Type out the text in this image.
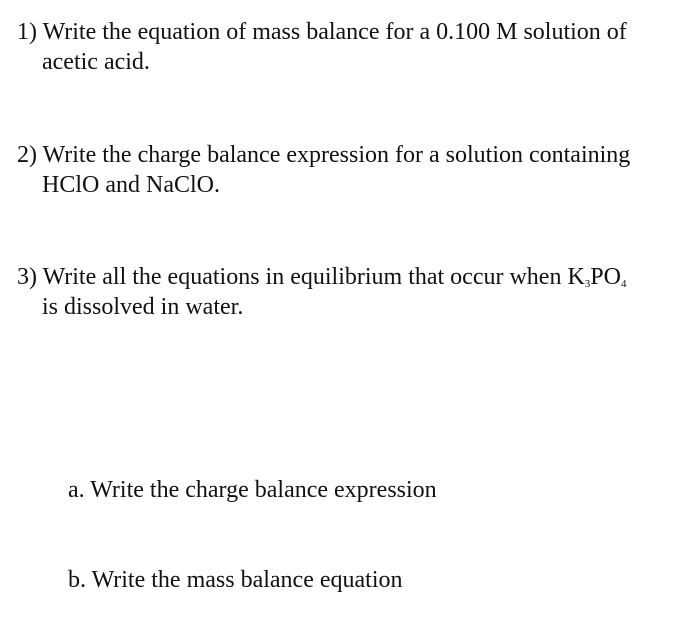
1) Write the equation of mass balance for a 0.100 M solution of
acetic acid.
2) Write the charge balance expression for a solution containing
HClO and NaClO.
3) Write all the equations in equilibrium that occur when $K_3PO_4$
is dissolved in water.
a. Write the charge balance expression
b. Write the mass balance equation
